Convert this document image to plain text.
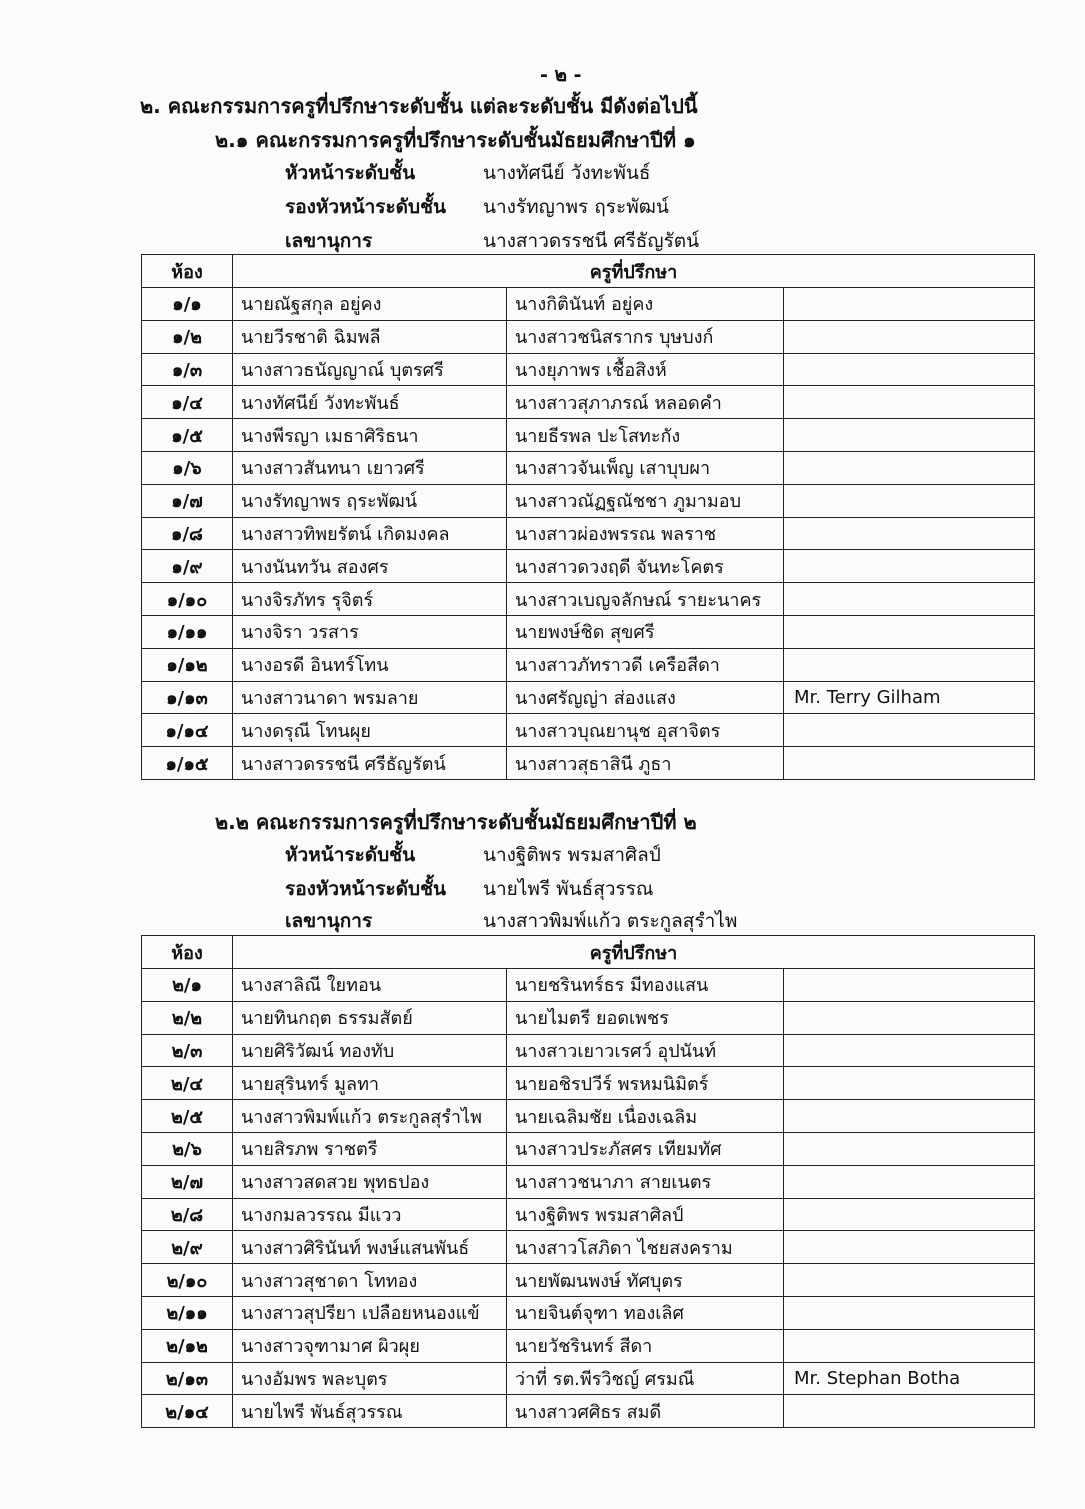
- ๒ -
๒. คณะกรรมการครูที่ปรึกษาระดับชั้น แต่ละระดับชั้น มีดังต่อไปนี้
๒.๑ คณะกรรมการครูที่ปรึกษาระดับชั้นมัธยมศึกษาปีที่ ๑
หัวหน้าระดับชั้น	นางทัศนีย์ วังทะพันธ์
รองหัวหน้าระดับชั้น นางรัทญาพร ฤระพัฒน์
เลขานุการ	นางสาวดรรชนี ศรีธัญรัตน์
ห้อง	ครูที่ปรึกษา		
๑/๑	นายณัฐสกุล อยู่คง	นางกิตินันท์ อยู่คง	
๑/๒	นายวีรชาติ ฉิมพลี	นางสาวชนิสรากร บุษบงก์	
๑/๓	นางสาวธนัญญาณ์ บุตรศรี	นางยุภาพร เชื้อสิงห์	
๑/๔	นางทัศนีย์ วังทะพันธ์	นางสาวสุภาภรณ์ หลอดคำ	
๑/๕	นางพีรญา เมธาศิริธนา	นายธีรพล ปะโสทะกัง	
๑/๖	นางสาวสันทนา เยาวศรี	นางสาวจันเพ็ญ เสาบุบผา	
๑/๗	นางรัทญาพร ฤระพัฒน์	นางสาวณัฏฐณัชชา ภูมามอบ	
๑/๘	นางสาวทิพยรัตน์ เกิดมงคล	นางสาวผ่องพรรณ พลราช	
๑/๙	นางนันทวัน สองศร	นางสาวดวงฤดี จันทะโคตร	
๑/๑๐	นางจิรภัทร รุจิตร์	นางสาวเบญจลักษณ์ รายะนาคร	
๑/๑๑	นางจิรา วรสาร	นายพงษ์ชิด สุขศรี	
๑/๑๒	นางอรดี อินทร์โทน	นางสาวภัทราวดี เครือสีดา	
๑/๑๓	นางสาวนาดา พรมลาย	นางศรัญญ่า ส่องแสง	Mr. Terry Gilham
๑/๑๔	นางดรุณี โทนผุย	นางสาวบุณยานุช อุสาจิตร	
๑/๑๕	นางสาวดรรชนี ศรีธัญรัตน์	นางสาวสุธาสินี ภูธา	
๒.๒ คณะกรรมการครูที่ปรึกษาระดับชั้นมัธยมศึกษาปีที่ ๒
หัวหน้าระดับชั้น	นางฐิติพร พรมสาศิลป์
รองหัวหน้าระดับชั้น นายไพรี พันธ์สุวรรณ
เลขานุการ	นางสาวพิมพ์แก้ว ตระกูลสุรำไพ
ห้อง	ครูที่ปรึกษา		
๒/๑	นางสาลิณี ใยทอน	นายชรินทร์ธร มีทองแสน	
๒/๒	นายทินกฤต ธรรมสัตย์	นายไมตรี ยอดเพชร	
๒/๓	นายศิริวัฒน์ ทองทับ	นางสาวเยาวเรศว์ อุปนันท์	
๒/๔	นายสุรินทร์ มูลทา	นายอชิรปวีร์ พรหมนิมิตร์	
๒/๕	นางสาวพิมพ์แก้ว ตระกูลสุรำไพ	นายเฉลิมชัย เนื่องเฉลิม	
๒/๖	นายสิรภพ ราชตรี	นางสาวประภัสศร เทียมทัศ	
๒/๗	นางสาวสดสวย พุทธปอง	นางสาวชนาภา สายเนตร	
๒/๘	นางกมลวรรณ มีแวว	นางฐิติพร พรมสาศิลป์	
๒/๙	นางสาวศิรินันท์ พงษ์แสนพันธ์	นางสาวโสภิดา ไชยสงคราม	
๒/๑๐	นางสาวสุชาดา โททอง	นายพัฒนพงษ์ ทัศบุตร	
๒/๑๑	นางสาวสุปรียา เปลือยหนองแข้	นายจินต์จุฑา ทองเลิศ	
๒/๑๒	นางสาวจุฑามาศ ผิวผุย	นายวัชรินทร์ สีดา	
๒/๑๓	นางอัมพร พละบุตร	ว่าที่ รต.พีรวิชญ์ ศรมณี	Mr. Stephan Botha
๒/๑๔	นายไพรี พันธ์สุวรรณ	นางสาวศศิธร สมดี	
